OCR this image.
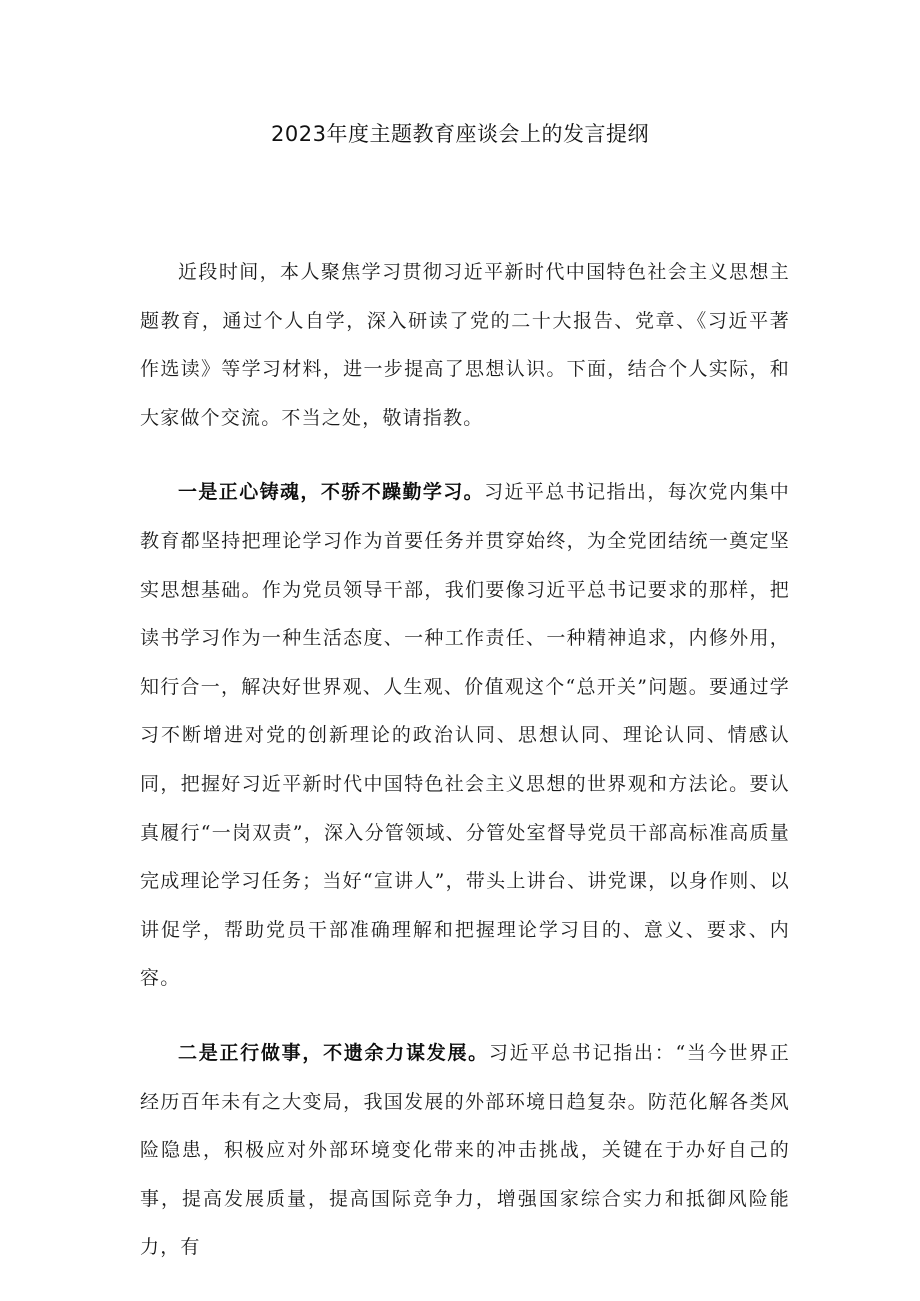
2023年度主题教育座谈会上的发言提纲

近段时间，本人聚焦学习贯彻习近平新时代中国特色社会主义思想主题教育，通过个人自学，深入研读了党的二十大报告、党章、《习近平著作选读》等学习材料，进一步提高了思想认识。下面，结合个人实际，和大家做个交流。不当之处，敬请指教。

一是正心铸魂，不骄不躁勤学习。习近平总书记指出，每次党内集中教育都坚持把理论学习作为首要任务并贯穿始终，为全党团结统一奠定坚实思想基础。作为党员领导干部，我们要像习近平总书记要求的那样，把读书学习作为一种生活态度、一种工作责任、一种精神追求，内修外用，知行合一，解决好世界观、人生观、价值观这个“总开关”问题。要通过学习不断增进对党的创新理论的政治认同、思想认同、理论认同、情感认同，把握好习近平新时代中国特色社会主义思想的世界观和方法论。要认真履行“一岗双责”，深入分管领域、分管处室督导党员干部高标准高质量完成理论学习任务；当好“宣讲人”，带头上讲台、讲党课，以身作则、以讲促学，帮助党员干部准确理解和把握理论学习目的、意义、要求、内容。

二是正行做事，不遗余力谋发展。习近平总书记指出：“当今世界正经历百年未有之大变局，我国发展的外部环境日趋复杂。防范化解各类风险隐患，积极应对外部环境变化带来的冲击挑战，关键在于办好自己的事，提高发展质量，提高国际竞争力，增强国家综合实力和抵御风险能力，有
